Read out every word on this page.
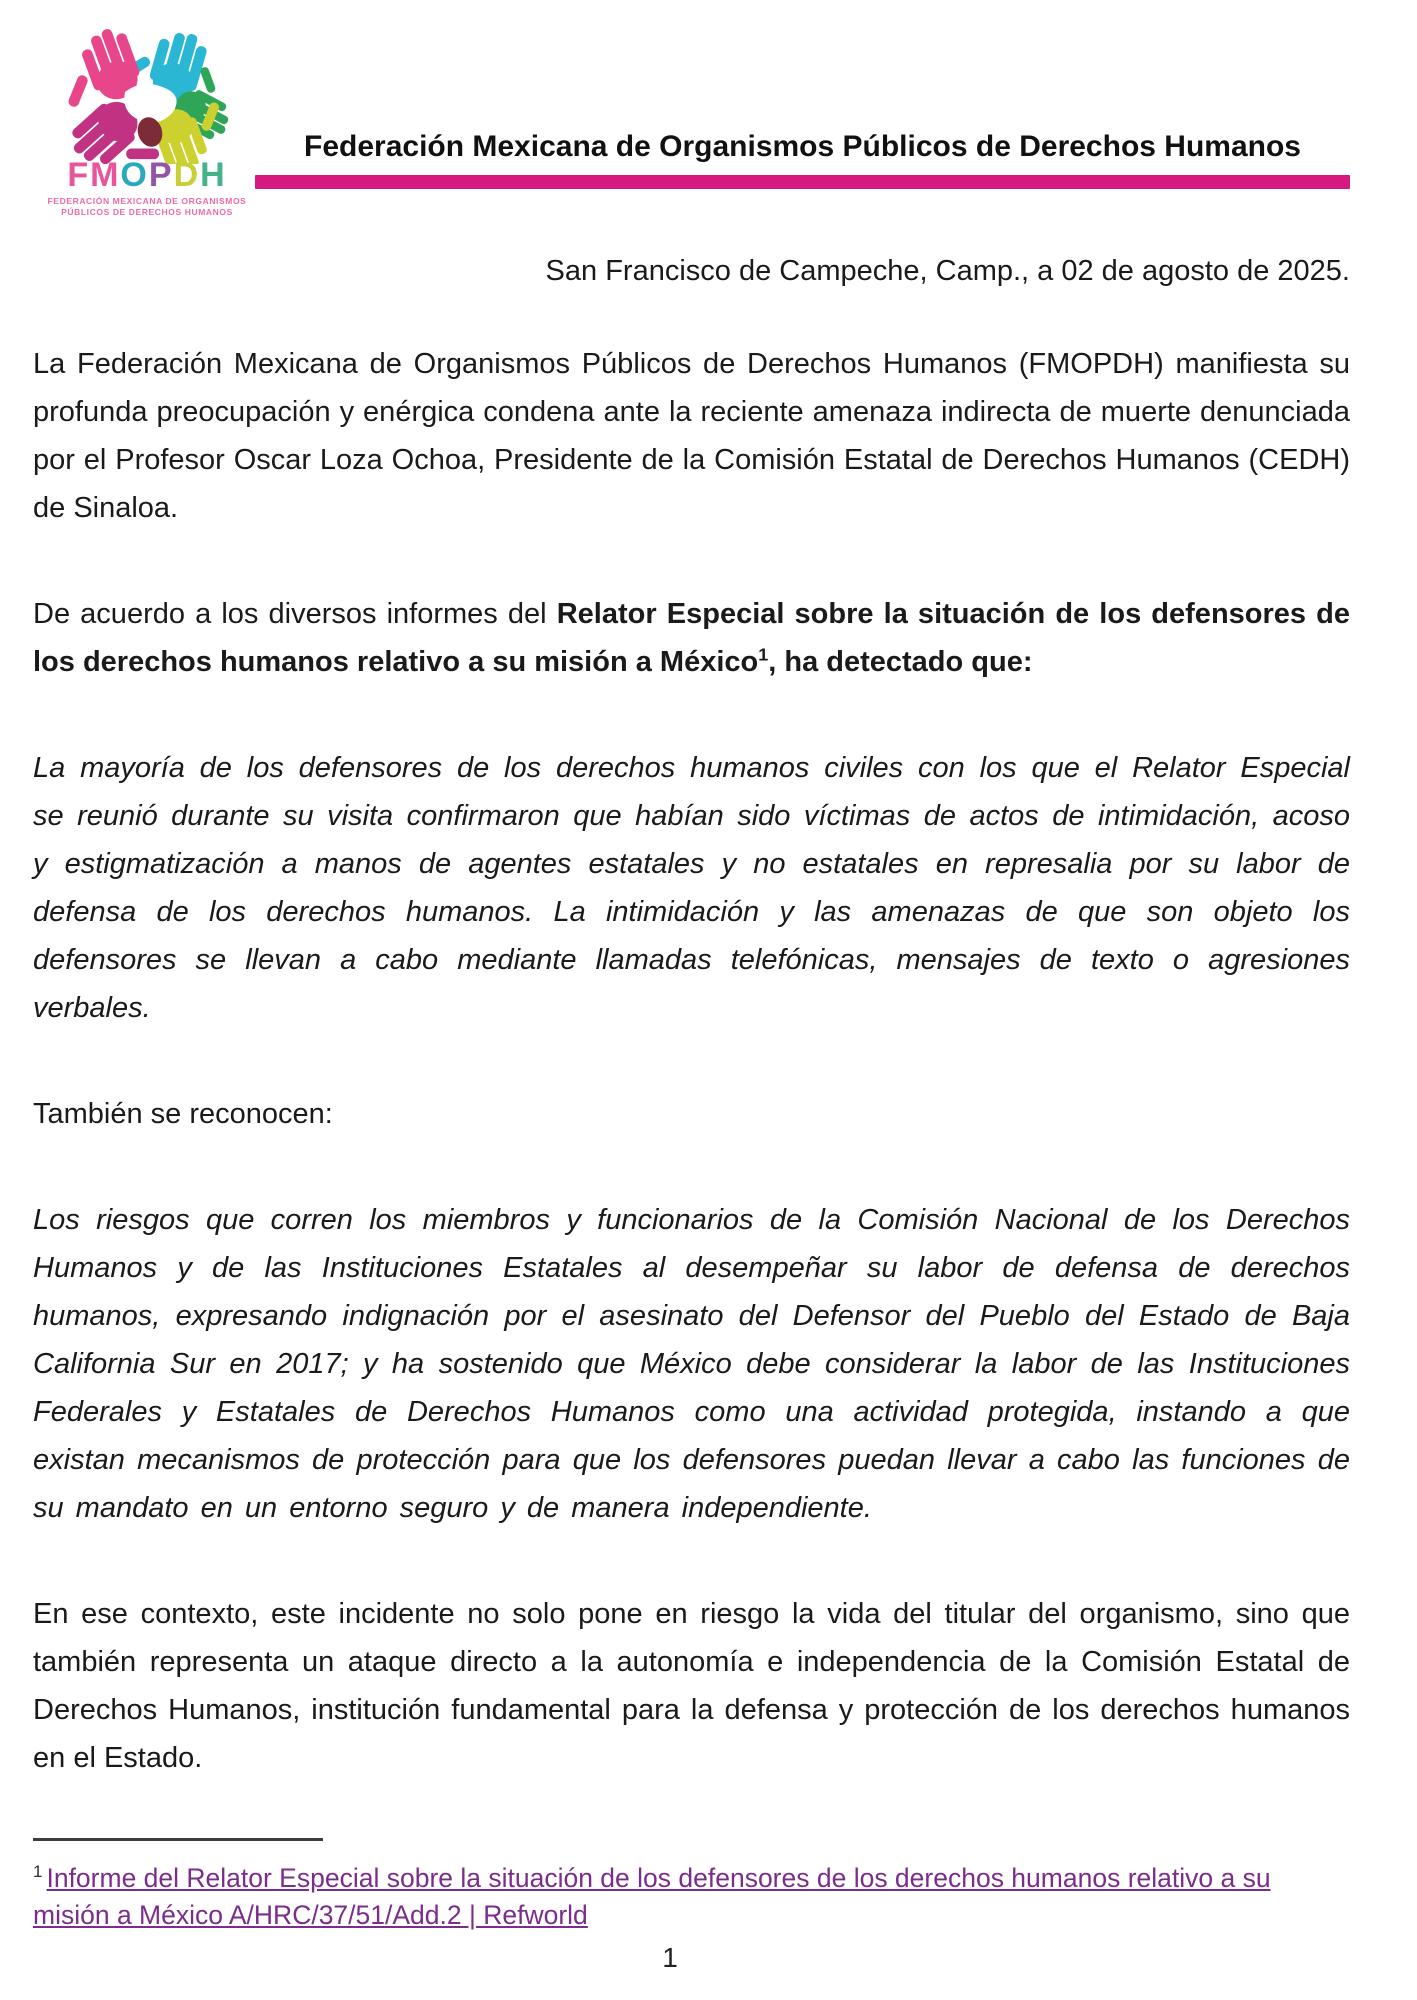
FMOPDH
FEDERACIÓN MEXICANA DE ORGANISMOS
PÚBLICOS DE DERECHOS HUMANOS
Federación Mexicana de Organismos Públicos de Derechos Humanos
San Francisco de Campeche, Camp., a 02 de agosto de 2025.

La Federación Mexicana de Organismos Públicos de Derechos Humanos (FMOPDH) manifiesta su profunda preocupación y enérgica condena ante la reciente amenaza indirecta de muerte denunciada por el Profesor Oscar Loza Ochoa, Presidente de la Comisión Estatal de Derechos Humanos (CEDH) de Sinaloa.

De acuerdo a los diversos informes del Relator Especial sobre la situación de los defensores de los derechos humanos relativo a su misión a México$^1$, ha detectado que:

La mayoría de los defensores de los derechos humanos civiles con los que el Relator Especial se reunió durante su visita confirmaron que habían sido víctimas de actos de intimidación, acoso y estigmatización a manos de agentes estatales y no estatales en represalia por su labor de defensa de los derechos humanos. La intimidación y las amenazas de que son objeto los defensores se llevan a cabo mediante llamadas telefónicas, mensajes de texto o agresiones verbales.

También se reconocen:

Los riesgos que corren los miembros y funcionarios de la Comisión Nacional de los Derechos Humanos y de las Instituciones Estatales al desempeñar su labor de defensa de derechos humanos, expresando indignación por el asesinato del Defensor del Pueblo del Estado de Baja California Sur en 2017; y ha sostenido que México debe considerar la labor de las Instituciones Federales y Estatales de Derechos Humanos como una actividad protegida, instando a que existan mecanismos de protección para que los defensores puedan llevar a cabo las funciones de su mandato en un entorno seguro y de manera independiente.

En ese contexto, este incidente no solo pone en riesgo la vida del titular del organismo, sino que también representa un ataque directo a la autonomía e independencia de la Comisión Estatal de Derechos Humanos, institución fundamental para la defensa y protección de los derechos humanos en el Estado.

$^1$ Informe del Relator Especial sobre la situación de los defensores de los derechos humanos relativo a su misión a México A/HRC/37/51/Add.2 | Refworld
1
